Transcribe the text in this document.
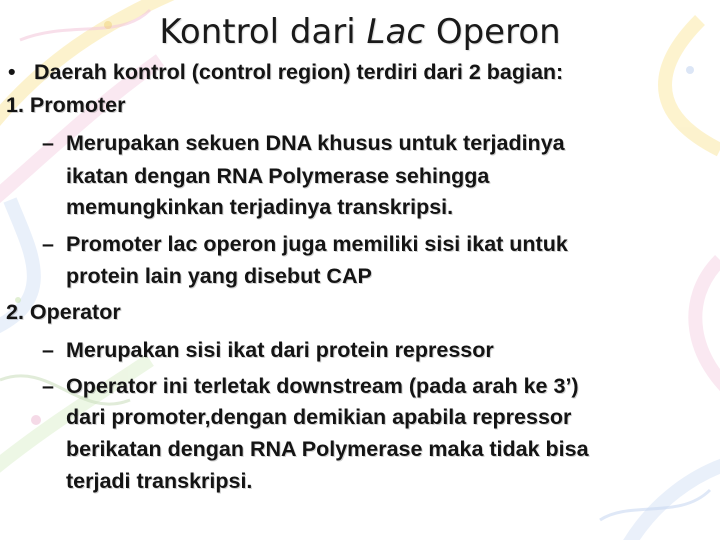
Kontrol dari Lac Operon
• Daerah kontrol (control region) terdiri dari 2 bagian:
1. Promoter
– Merupakan sekuen DNA khusus untuk terjadinya
ikatan dengan RNA Polymerase sehingga
memungkinkan terjadinya transkripsi.
– Promoter lac operon juga memiliki sisi ikat untuk
protein lain yang disebut CAP
2. Operator
– Merupakan sisi ikat dari protein repressor
– Operator ini terletak downstream (pada arah ke 3’)
dari promoter,dengan demikian apabila repressor
berikatan dengan RNA Polymerase maka tidak bisa
terjadi transkripsi.
